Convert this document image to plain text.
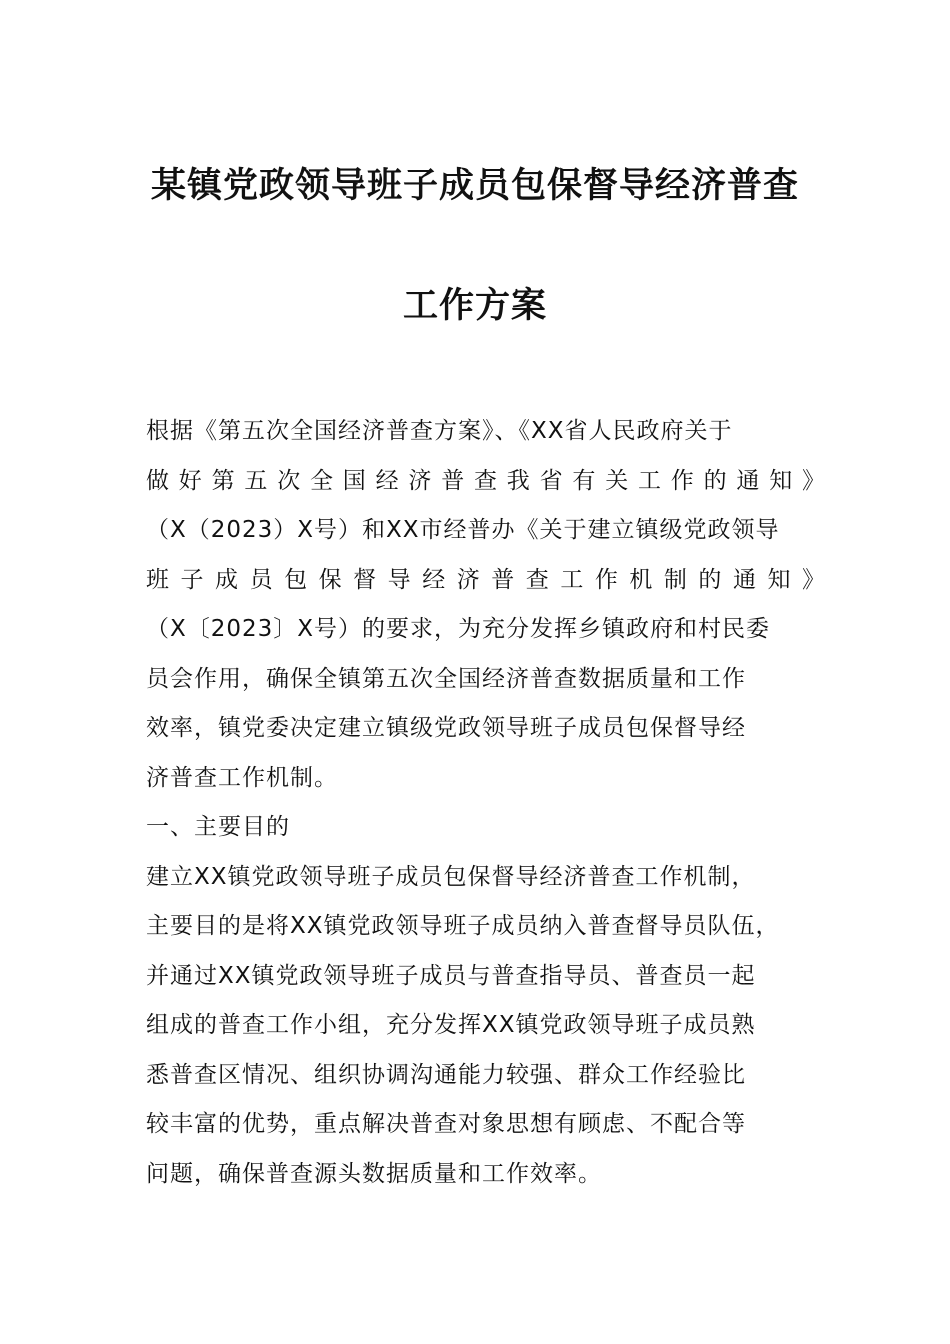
某镇党政领导班子成员包保督导经济普查
工作方案
根据《第五次全国经济普查方案》、《XX省人民政府关于
做好第五次全国经济普查我省有关工作的通知》
（X（2023）X号）和XX市经普办《关于建立镇级党政领导
班子成员包保督导经济普查工作机制的通知》
（X〔2023〕X号）的要求，为充分发挥乡镇政府和村民委
员会作用，确保全镇第五次全国经济普查数据质量和工作
效率，镇党委决定建立镇级党政领导班子成员包保督导经
济普查工作机制。
一、主要目的
建立XX镇党政领导班子成员包保督导经济普查工作机制，
主要目的是将XX镇党政领导班子成员纳入普查督导员队伍，
并通过XX镇党政领导班子成员与普查指导员、普查员一起
组成的普查工作小组，充分发挥XX镇党政领导班子成员熟
悉普查区情况、组织协调沟通能力较强、群众工作经验比
较丰富的优势，重点解决普查对象思想有顾虑、不配合等
问题，确保普查源头数据质量和工作效率。
